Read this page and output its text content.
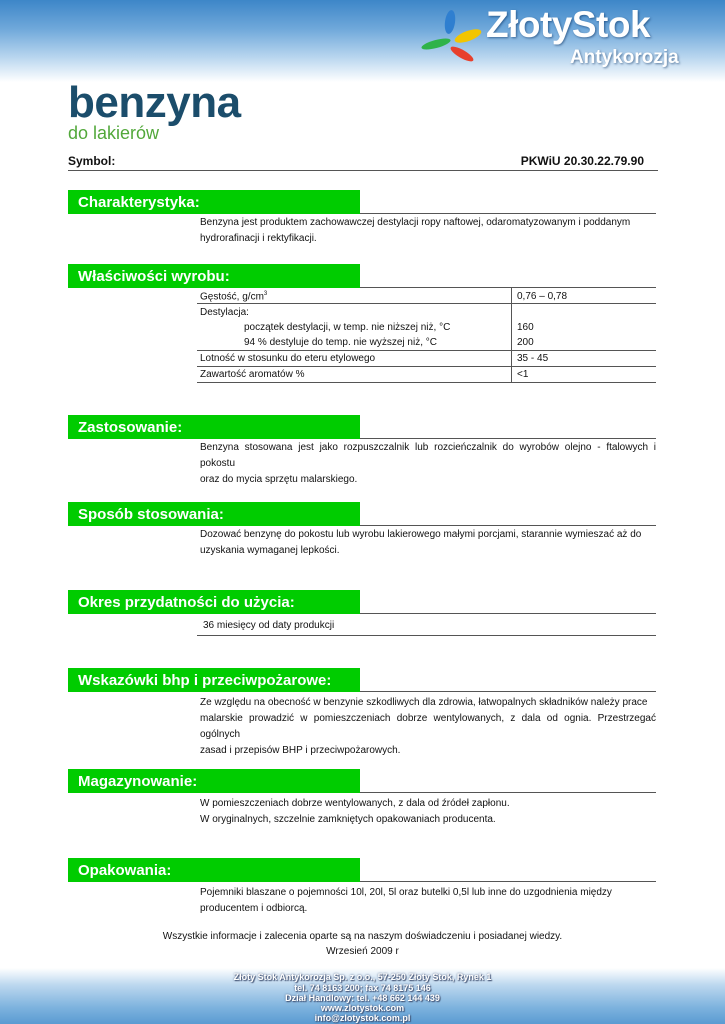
ZłotyStok
Antykorozja
benzyna
do lakierów
Symbol:	PKWiU 20.30.22.79.90
Charakterystyka:
Benzyna jest produktem zachowawczej destylacji ropy naftowej, odaromatyzowanym i poddanym
hydrorafinacji i rektyfikacji.
Właściwości wyrobu:
Gęstość, $g/cm^3$	0,76 – 0,78
Destylacja:
początek destylacji, w temp. nie niższej niż, °C	160
94 % destyluje do temp. nie wyższej niż, °C	200
Lotność w stosunku do eteru etylowego	35 - 45
Zawartość aromatów %	<1
Zastosowanie:
Benzyna stosowana jest jako rozpuszczalnik lub rozcieńczalnik do wyrobów olejno - ftalowych i pokostu
oraz do mycia sprzętu malarskiego.
Sposób stosowania:
Dozować benzynę do pokostu lub wyrobu lakierowego małymi porcjami, starannie wymieszać aż do
uzyskania wymaganej lepkości.
Okres przydatności do użycia:
36 miesięcy od daty produkcji
Wskazówki bhp i przeciwpożarowe:
Ze względu na obecność w benzynie szkodliwych dla zdrowia, łatwopalnych składników należy prace
malarskie prowadzić w pomieszczeniach dobrze wentylowanych, z dala od ognia. Przestrzegać ogólnych
zasad i przepisów BHP i przeciwpożarowych.
Magazynowanie:
W pomieszczeniach dobrze wentylowanych, z dala od źródeł zapłonu.
W oryginalnych, szczelnie zamkniętych opakowaniach producenta.
Opakowania:
Pojemniki blaszane o pojemności 10l, 20l, 5l oraz butelki 0,5l lub inne do uzgodnienia między
producentem i odbiorcą.
Wszystkie informacje i zalecenia oparte są na naszym doświadczeniu i posiadanej wiedzy.
Wrzesień 2009 r
Złoty Stok Antykorozja Sp. z o.o., 57-250 Złoty Stok, Rynek 1
tel. 74 8163 200; fax 74 8175 146
Dział Handlowy: tel. +48 662 144 439
www.zlotystok.com
info@zlotystok.com.pl
